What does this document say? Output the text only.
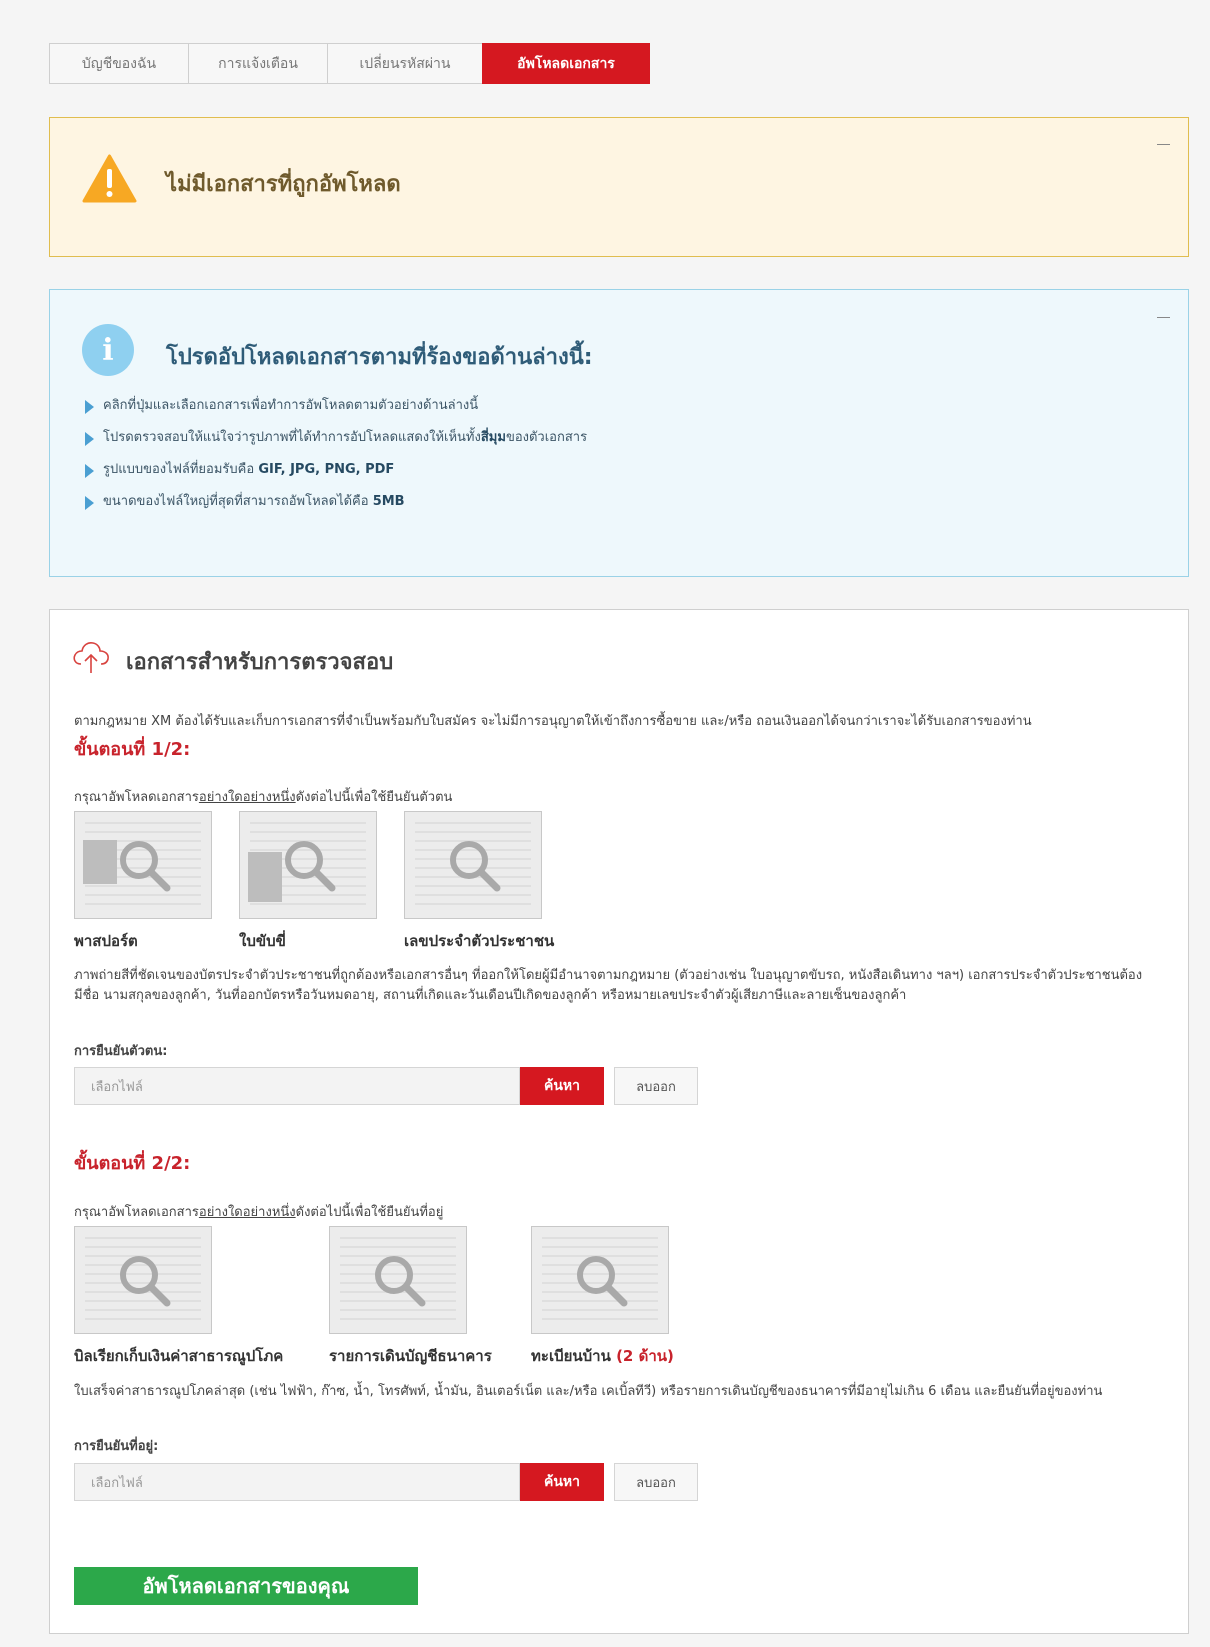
บัญชีของฉัน	การแจ้งเตือน	เปลี่ยนรหัสผ่าน	อัพโหลดเอกสาร
ไม่มีเอกสารที่ถูกอัพโหลด
i	โปรดอัปโหลดเอกสารตามที่ร้องขอด้านล่างนี้:
คลิกที่ปุ่มและเลือกเอกสารเพื่อทำการอัพโหลดตามตัวอย่างด้านล่างนี้
โปรดตรวจสอบให้แน่ใจว่ารูปภาพที่ได้ทำการอัปโหลดแสดงให้เห็นทั้งสี่มุมของตัวเอกสาร
รูปแบบของไฟล์ที่ยอมรับคือ GIF, JPG, PNG, PDF
ขนาดของไฟล์ใหญ่ที่สุดที่สามารถอัพโหลดได้คือ 5MB
เอกสารสำหรับการตรวจสอบ
ตามกฎหมาย XM ต้องได้รับและเก็บการเอกสารที่จำเป็นพร้อมกับใบสมัคร จะไม่มีการอนุญาตให้เข้าถึงการซื้อขาย และ/หรือ ถอนเงินออกได้จนกว่าเราจะได้รับเอกสารของท่าน
ขั้นตอนที่ 1/2:
กรุณาอัพโหลดเอกสารอย่างใดอย่างหนึ่งดังต่อไปนี้เพื่อใช้ยืนยันตัวตน
พาสปอร์ต	ใบขับขี่	เลขประจำตัวประชาชน
ภาพถ่ายสีที่ชัดเจนของบัตรประจำตัวประชาชนที่ถูกต้องหรือเอกสารอื่นๆ ที่ออกให้โดยผู้มีอำนาจตามกฎหมาย (ตัวอย่างเช่น ใบอนุญาตขับรถ, หนังสือเดินทาง ฯลฯ) เอกสารประจำตัวประชาชนต้องมีชื่อ นามสกุลของลูกค้า, วันที่ออกบัตรหรือวันหมดอายุ, สถานที่เกิดและวันเดือนปีเกิดของลูกค้า หรือหมายเลขประจำตัวผู้เสียภาษีและลายเซ็นของลูกค้า
การยืนยันตัวตน:
เลือกไฟล์	ค้นหา	ลบออก
ขั้นตอนที่ 2/2:
กรุณาอัพโหลดเอกสารอย่างใดอย่างหนึ่งดังต่อไปนี้เพื่อใช้ยืนยันที่อยู่
บิลเรียกเก็บเงินค่าสาธารณูปโภค	รายการเดินบัญชีธนาคาร	ทะเบียนบ้าน (2 ด้าน)
ใบเสร็จค่าสาธารณูปโภคล่าสุด (เช่น ไฟฟ้า, ก๊าซ, น้ำ, โทรศัพท์, น้ำมัน, อินเตอร์เน็ต และ/หรือ เคเบิ้ลทีวี) หรือรายการเดินบัญชีของธนาคารที่มีอายุไม่เกิน 6 เดือน และยืนยันที่อยู่ของท่าน
การยืนยันที่อยู่:
เลือกไฟล์	ค้นหา	ลบออก
อัพโหลดเอกสารของคุณ
